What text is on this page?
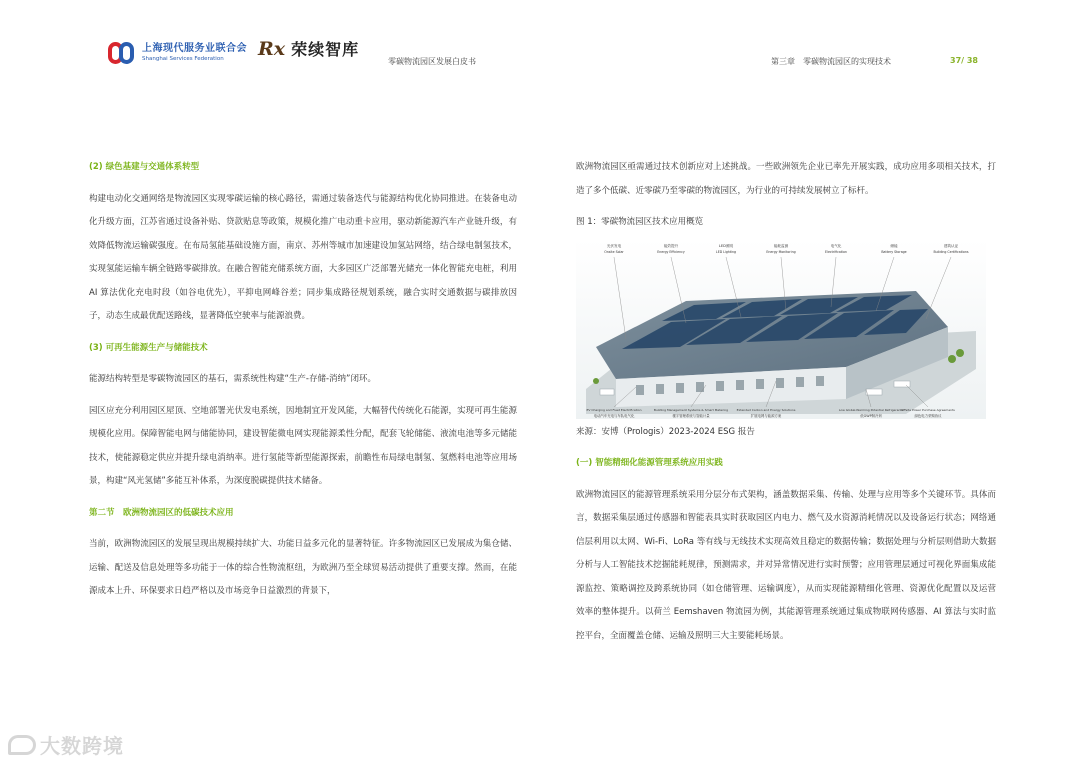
上海现代服务业联合会
Shanghai Services Federation	Rx 荣续智库
零碳物流园区发展白皮书	第三章　零碳物流园区的实现技术	37/ 38
(2) 绿色基建与交通体系转型

构建电动化交通网络是物流园区实现零碳运输的核心路径，需通过装备迭代与能源结构优化协同推进。在装备电动化升级方面，江苏省通过设备补贴、贷款贴息等政策，规模化推广电动重卡应用，驱动新能源汽车产业链升级，有效降低物流运输碳强度。在布局氢能基础设施方面，南京、苏州等城市加速建设加氢站网络，结合绿电制氢技术，实现氢能运输车辆全链路零碳排放。在融合智能充储系统方面，大多园区广泛部署光储充一体化智能充电桩，利用 AI 算法优化充电时段（如谷电优先），平抑电网峰谷差；同步集成路径规划系统，融合实时交通数据与碳排放因子，动态生成最优配送路线，显著降低空驶率与能源浪费。

(3) 可再生能源生产与储能技术

能源结构转型是零碳物流园区的基石，需系统性构建“生产-存储-消纳”闭环。

园区应充分利用园区屋顶、空地部署光伏发电系统，因地制宜开发风能，大幅替代传统化石能源，实现可再生能源规模化应用。保障智能电网与储能协同，建设智能微电网实现能源柔性分配，配套飞轮储能、液流电池等多元储能技术，使能源稳定供应并提升绿电消纳率。进行氢能等新型能源探索，前瞻性布局绿电制氢、氢燃料电池等应用场景，构建“风光氢储”多能互补体系，为深度脱碳提供技术储备。

第二节　欧洲物流园区的低碳技术应用

当前，欧洲物流园区的发展呈现出规模持续扩大、功能日益多元化的显著特征。许多物流园区已发展成为集仓储、运输、配送及信息处理等多功能于一体的综合性物流枢纽，为欧洲乃至全球贸易活动提供了重要支撑。然而，在能源成本上升、环保要求日趋严格以及市场竞争日益激烈的背景下，

欧洲物流园区亟需通过技术创新应对上述挑战。一些欧洲领先企业已率先开展实践，成功应用多项相关技术，打造了多个低碳、近零碳乃至零碳的物流园区，为行业的可持续发展树立了标杆。

图 1：零碳物流园区技术应用概览
光伏发电
Onsite Solar
能效提升
Energy Efficiency
LED照明
LED Lighting
能耗监测
Energy Monitoring
电气化
Electrification
储能
Battery Storage
建筑认证
Building Certifications
EV Charging and Fleet Electrification
电动汽车充电与车队电气化
Building Management Systems & Smart Metering
楼宇管理系统与智能计量
Extended Carbon and Energy Solutions
扩展电网与能源方案
Low Global-Warming Potential Refrigerants
低GWP制冷剂
Offsite Power Purchase Agreements
绿色电力采购协议
来源：安博（Prologis）2023-2024 ESG 报告
(一) 智能精细化能源管理系统应用实践

欧洲物流园区的能源管理系统采用分层分布式架构，涵盖数据采集、传输、处理与应用等多个关键环节。具体而言，数据采集层通过传感器和智能表具实时获取园区内电力、燃气及水资源消耗情况以及设备运行状态；网络通信层利用以太网、Wi-Fi、LoRa 等有线与无线技术实现高效且稳定的数据传输；数据处理与分析层则借助大数据分析与人工智能技术挖掘能耗规律，预测需求，并对异常情况进行实时预警；应用管理层通过可视化界面集成能源监控、策略调控及跨系统协同（如仓储管理、运输调度），从而实现能源精细化管理、资源优化配置以及运营效率的整体提升。以荷兰 Eemshaven 物流园为例，其能源管理系统通过集成物联网传感器、AI 算法与实时监控平台，全面覆盖仓储、运输及照明三大主要能耗场景。

大数跨境
